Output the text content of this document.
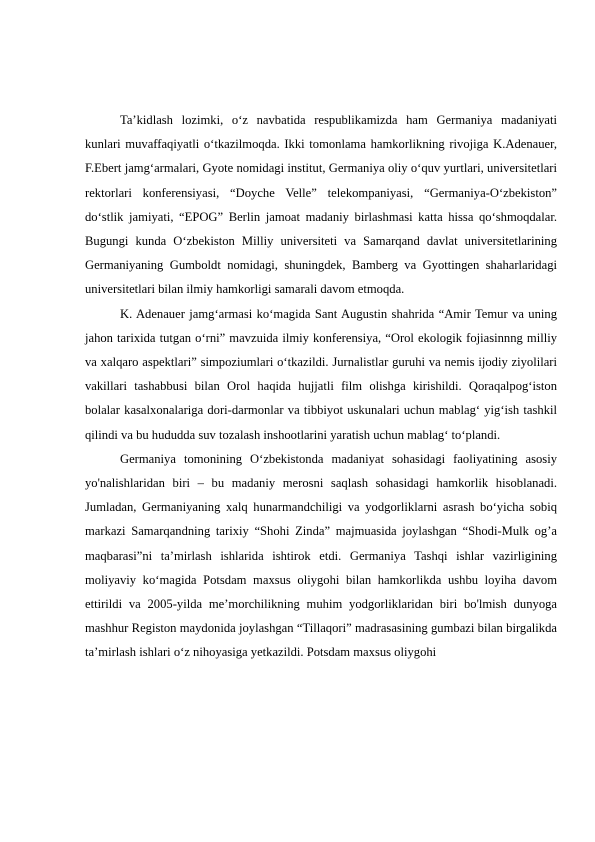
Ta’kidlash lozimki, o‘z navbatida respublikamizda ham Germaniya madaniyati kunlari muvaffaqiyatli o‘tkazilmoqda. Ikki tomonlama hamkorlikning rivojiga K.Adenauer, F.Ebert jamg‘armalari, Gyote nomidagi institut, Germaniya oliy o‘quv yurtlari, universitetlari rektorlari konferensiyasi, “Doyche Velle” telekompaniyasi, “Germaniya-O‘zbekiston” do‘stlik jamiyati, “EPOG” Berlin jamoat madaniy birlashmasi katta hissa qo‘shmoqdalar. Bugungi kunda O‘zbekiston Milliy universiteti va Samarqand davlat universitetlarining Germaniyaning Gumboldt nomidagi, shuningdek, Bamberg va Gyottingen shaharlaridagi universitetlari bilan ilmiy hamkorligi samarali davom etmoqda.

K. Adenauer jamg‘armasi ko‘magida Sant Augustin shahrida “Amir Temur va uning jahon tarixida tutgan o‘rni” mavzuida ilmiy konferensiya, “Orol ekologik fojiasinnng milliy va xalqaro aspektlari” simpoziumlari o‘tkazildi. Jurnalistlar guruhi va nemis ijodiy ziyolilari vakillari tashabbusi bilan Orol haqida hujjatli film olishga kirishildi. Qoraqalpog‘iston bolalar kasalxonalariga dori-darmonlar va tibbiyot uskunalari uchun mablag‘ yig‘ish tashkil qilindi va bu hududda suv tozalash inshootlarini yaratish uchun mablag‘ to‘plandi.

Germaniya tomonining O‘zbekistonda madaniyat sohasidagi faoliyatining asosiy yo'nalishlaridan biri – bu madaniy merosni saqlash sohasidagi hamkorlik hisoblanadi. Jumladan, Germaniyaning xalq hunarmandchiligi va yodgorliklarni asrash bo‘yicha sobiq markazi Samarqandning tarixiy “Shohi Zinda” majmuasida joylashgan “Shodi-Mulk og’a maqbarasi”ni ta’mirlash ishlarida ishtirok etdi. Germaniya Tashqi ishlar vazirligining moliyaviy ko‘magida Potsdam maxsus oliygohi bilan hamkorlikda ushbu loyiha davom ettirildi va 2005-yilda me’morchilikning muhim yodgorliklaridan biri bo'lmish dunyoga mashhur Registon maydonida joylashgan “Tillaqori” madrasasining gumbazi bilan birgalikda ta’mirlash ishlari o‘z nihoyasiga yetkazildi. Potsdam maxsus oliygohi
